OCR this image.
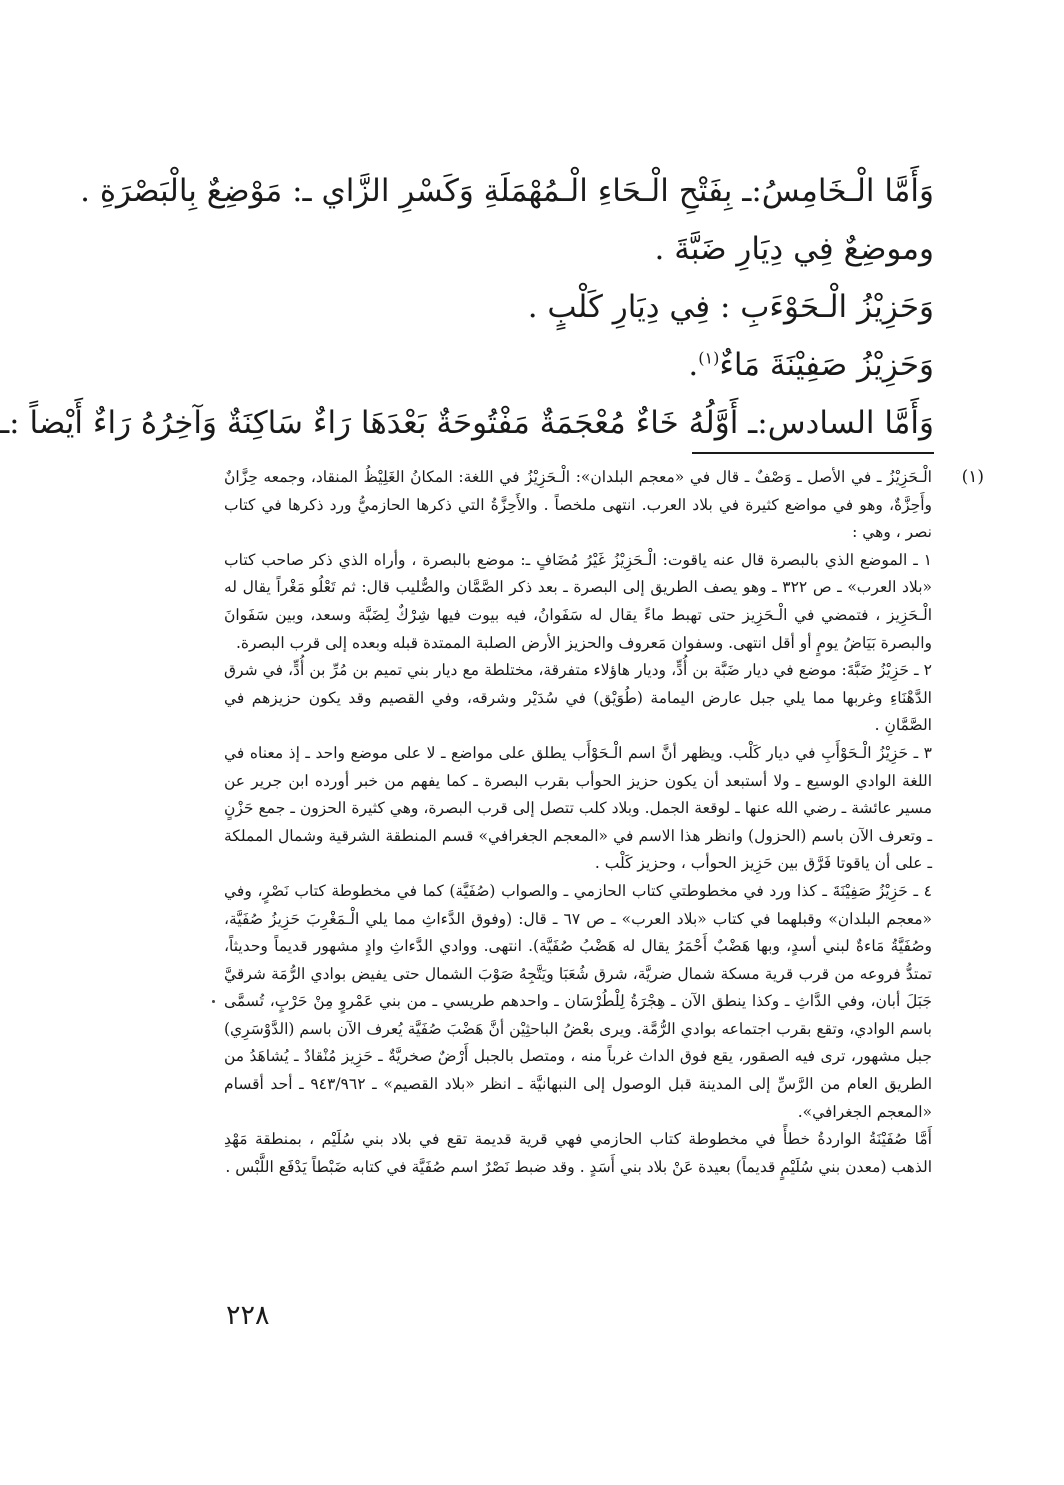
وَأَمَّا الْـخَامِسُ:ـ بِفَتْحِ الْـحَاءِ الْـمُهْمَلَةِ وَكَسْرِ الزَّاي ـ: مَوْضِعٌ بِالْبَصْرَةِ .
وموضِعٌ فِي دِيَارِ ضَبَّةَ .
وَحَزِيْزُ الْـحَوْءَبِ : فِي دِيَارِ كَلْبٍ .
وَحَزِيْزُ صَفِيْنَةَ مَاءٌ$^{(١)}$.
وَأَمَّا السادس:ـ أَوَّلُهُ خَاءٌ مُعْجَمَةٌ مَفْتُوحَةٌ بَعْدَهَا رَاءٌ سَاكِنَةٌ وَآخِرُهُ رَاءٌ أَيْضاً :ـ
(١)

الْـحَزِيْزُ ـ في الأصل ـ وَصْفٌ ـ قال في «معجم البلدان»: الْـحَزِيْزُ في اللغة: المكانُ الغَلِيْظُ المنقاد، وجمعه حِزَّانٌ وأَحِزَّةٌ، وهو في مواضع كثيرة في بلاد العرب. انتهى ملخصاً . والأَحِزَّةُ التي ذكرها الحازميُّ ورد ذكرها في كتاب نصر ، وهي :

١ ـ الموضع الذي بالبصرة قال عنه ياقوت: الْـحَزِيْزُ غَيْرُ مُضَافٍ ـ: موضع بالبصرة ، وأراه الذي ذكر صاحب كتاب «بلاد العرب» ـ ص ٣٢٢ ـ وهو يصف الطريق إلى البصرة ـ بعد ذكر الصَّمَّان والصُّليب قال: ثم تَعْلُو مَغْراً يقال له الْـحَزِيز ، فتمضي في الْـحَزِيز حتى تهبط ماءً يقال له سَفَوانُ، فيه بيوت فيها شِرْكٌ لِضَبَّة وسعد، وبين سَفَوانَ والبصرة بَيَاضُ يومٍ أو أقل انتهى. وسفوان مَعروف والحزيز الأرض الصلبة الممتدة قبله وبعده إلى قرب البصرة.

٢ ـ حَزِيْزُ ضَبَّةَ: موضع في ديار ضَبَّة بن أُدٍّ، وديار هاؤلاء متفرقة، مختلطة مع ديار بني تميم بن مُرِّ بن أُدٍّ، في شرق الدَّهْنَاءِ وغربها مما يلي جبل عارض اليمامة (طُوَيْق) في سُدَيْر وشرقه، وفي القصيم وقد يكون حزيزهم في الصَّمَّانِ .

٣ ـ حَزِيْزُ الْـحَوْأَبِ في ديار كَلْب. ويظهر أنَّ اسم الْـحَوْأَب يطلق على مواضع ـ لا على موضع واحد ـ إذ معناه في اللغة الوادي الوسيع ـ ولا أستبعد أن يكون حزيز الحوأب بقرب البصرة ـ كما يفهم من خبر أورده ابن جرير عن مسير عائشة ـ رضي الله عنها ـ لوقعة الجمل. وبلاد كلب تتصل إلى قرب البصرة، وهي كثيرة الحزون ـ جمع حَزْنٍ ـ وتعرف الآن باسم (الحزول) وانظر هذا الاسم في «المعجم الجغرافي» قسم المنطقة الشرقية وشمال المملكة ـ على أن ياقوتا فَرَّق بين حَزِيز الحوأب ، وحزيز كَلْب .

٤ ـ حَزِيْزُ صَفِيْنَةَ ـ كذا ورد في مخطوطتي كتاب الحازمي ـ والصواب (صُفَيَّة) كما في مخطوطة كتاب نَصْرٍ، وفي «معجم البلدان» وقبلهما في كتاب «بلاد العرب» ـ ص ٦٧ ـ قال: (وفوق الدَّءاثِ مما يلي الْـمَغْرِبَ حَزِيزُ صُفَيَّة، وصُفَيَّةُ مَاءةٌ لبني أسدٍ، وبها هَضْبٌ أَحْمَرُ يقال له هَضْبُ صُفَيَّة). انتهى. ووادي الدَّءاثِ وادٍ مشهور قديماً وحديثاً، تمتدُّ فروعه من قرب قرية مسكة شمال ضريَّة، شرق شُعَبَا ويَتَّجِهُ صَوْبَ الشمال حتى يفيض بوادي الرُّمَة شرقيَّ جَبَلَ أبان، وفي الدَّاثِ ـ وكذا ينطق الآن ـ هِجْرَةُ لِلْطُرْسَان ـ واحدهم طريسي ـ من بني عَمْروٍ مِنْ حَرْبٍ، تُسمَّى باسم الوادي، وتقع بقرب اجتماعه بوادي الرُّمَّة. ويرى بعْضُ الباحثِيْن أنَّ هَضْبَ صُفَيَّة يُعرف الآن باسم (الدَّوْسَرِي) جبل مشهور، ترى فيه الصقور، يقع فوق الداث غرباً منه ، ومتصل بالجبل أَرْضٌ صخريَّةٌ ـ حَزِيز مُنْقادٌ ـ يُشاهَدُ من الطريق العام من الرَّسِّ إلى المدينة قبل الوصول إلى النبهانيَّة ـ انظر «بلاد القصيم» ـ ٩٤٣/٩٦٢ ـ أحد أقسام «المعجم الجغرافي».

أَمَّا صُفَيْنَةُ الواردةُ خطأً في مخطوطة كتاب الحازمي فهي قرية قديمة تقع في بلاد بني سُلَيْم ، بمنطقة مَهْدِ الذهب (معدن بني سُلَيْمٍ قديماً) بعيدة عَنْ بلاد بني أَسَدٍ . وقد ضبط نَصْرٌ اسم صُفَيَّة في كتابه ضَبْطاً يَدْفَع اللَّبْس .

٢٢٨
